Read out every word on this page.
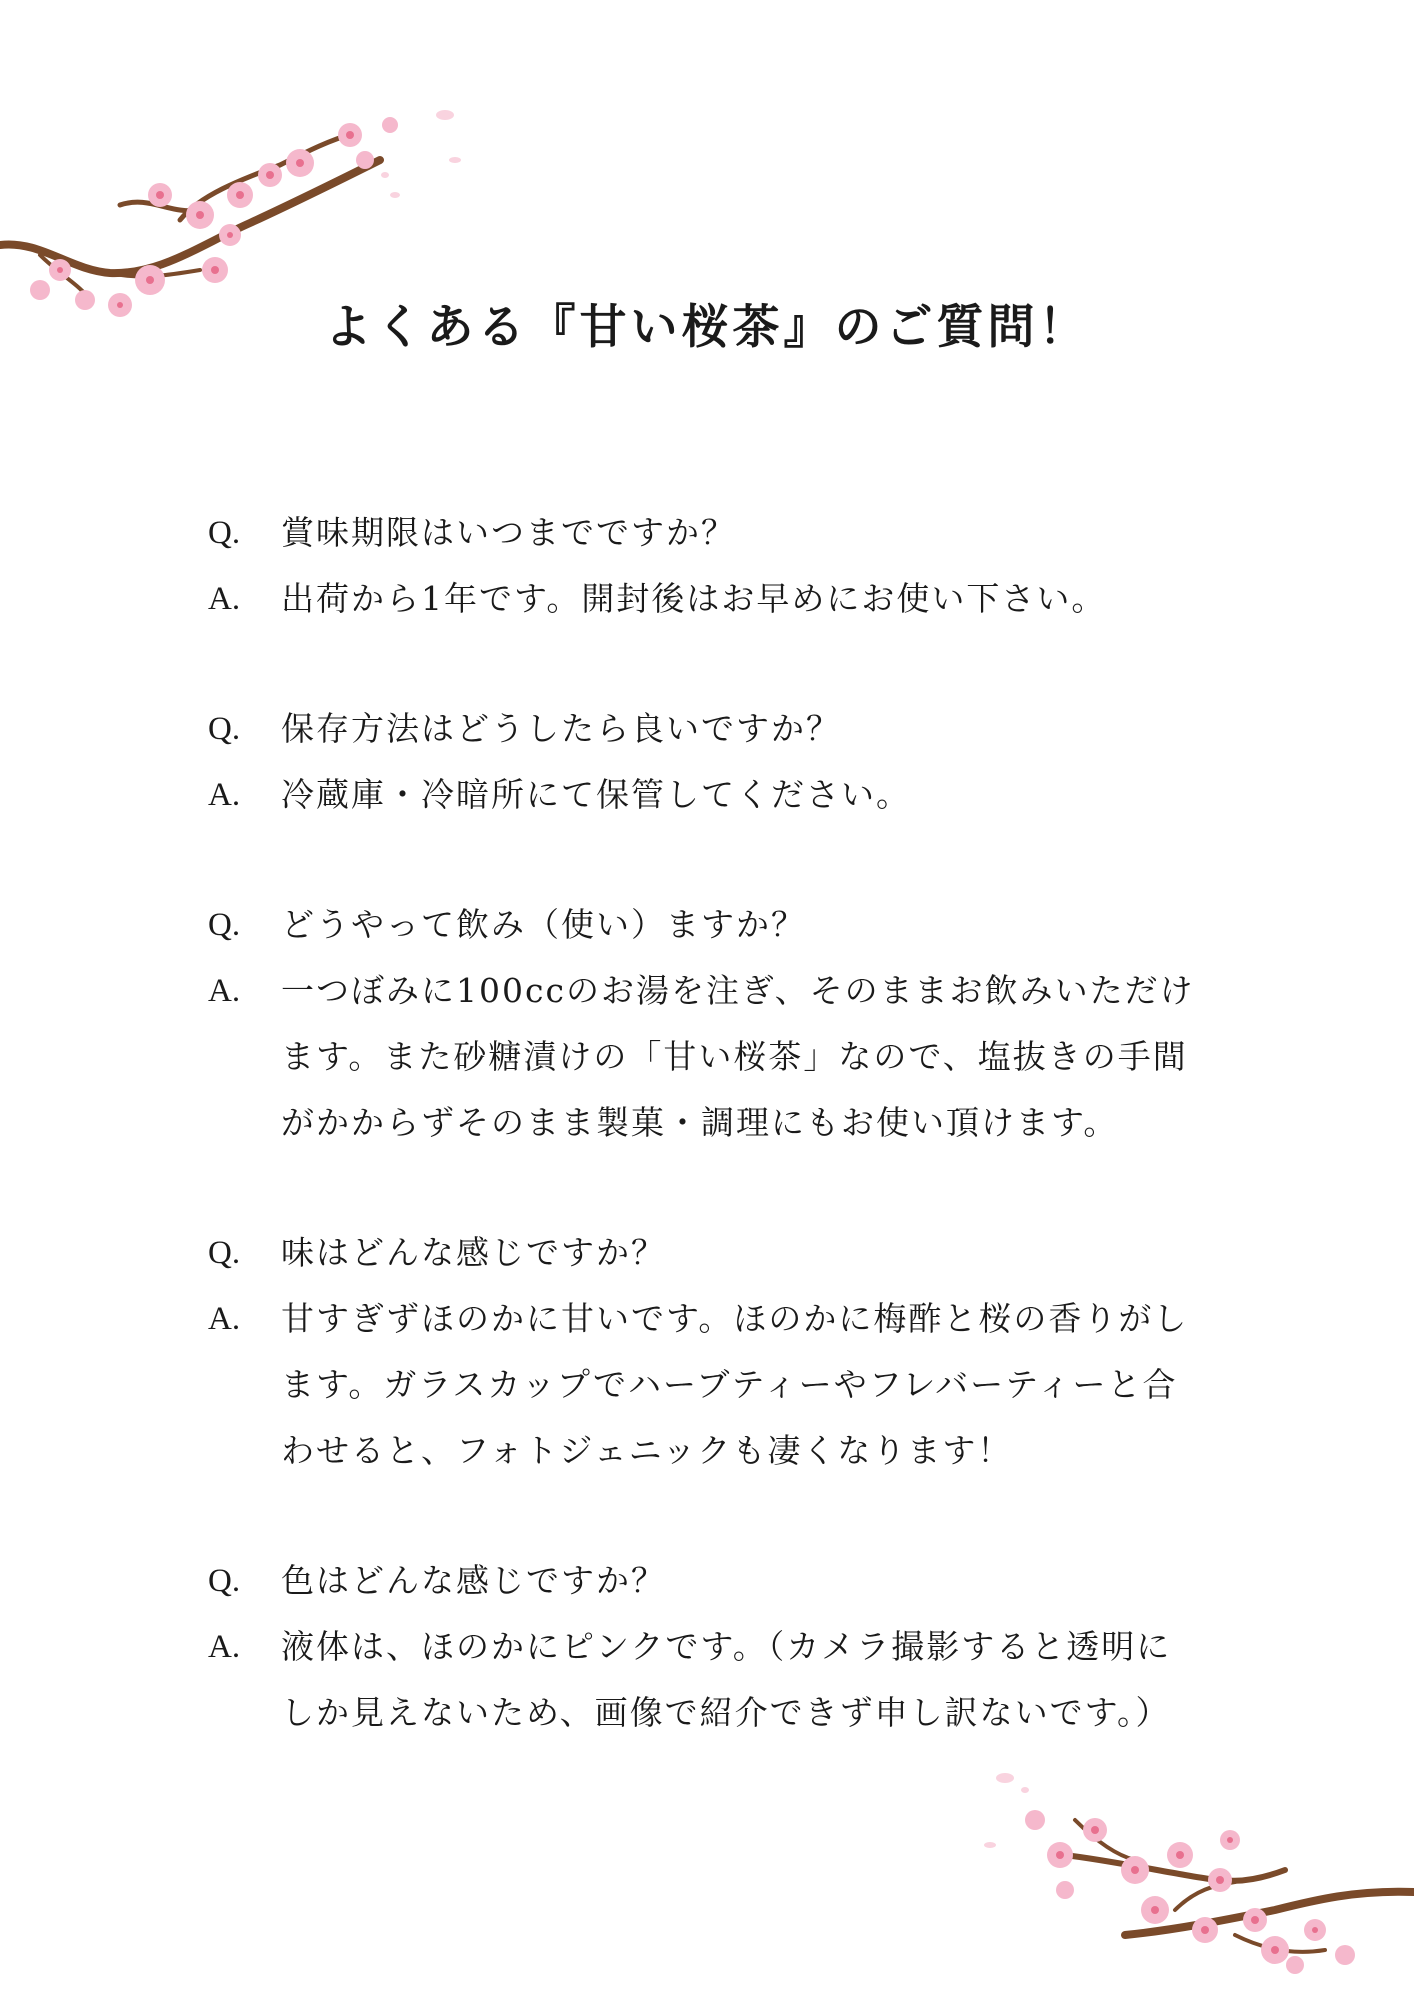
よくある『甘い桜茶』のご質問！
Q.	賞味期限はいつまでですか？
A.	出荷から1年です。開封後はお早めにお使い下さい。
Q.	保存方法はどうしたら良いですか？
A.	冷蔵庫・冷暗所にて保管してください。
Q.	どうやって飲み（使い）ますか？
A.	一つぼみに100ccのお湯を注ぎ、そのままお飲みいただけ
ます。また砂糖漬けの「甘い桜茶」なので、塩抜きの手間
がかからずそのまま製菓・調理にもお使い頂けます。
Q.	味はどんな感じですか？
A.	甘すぎずほのかに甘いです。ほのかに梅酢と桜の香りがし
ます。ガラスカップでハーブティーやフレバーティーと合
わせると、フォトジェニックも凄くなります！
Q.	色はどんな感じですか？
A.	液体は、ほのかにピンクです。（カメラ撮影すると透明に
しか見えないため、画像で紹介できず申し訳ないです。）
